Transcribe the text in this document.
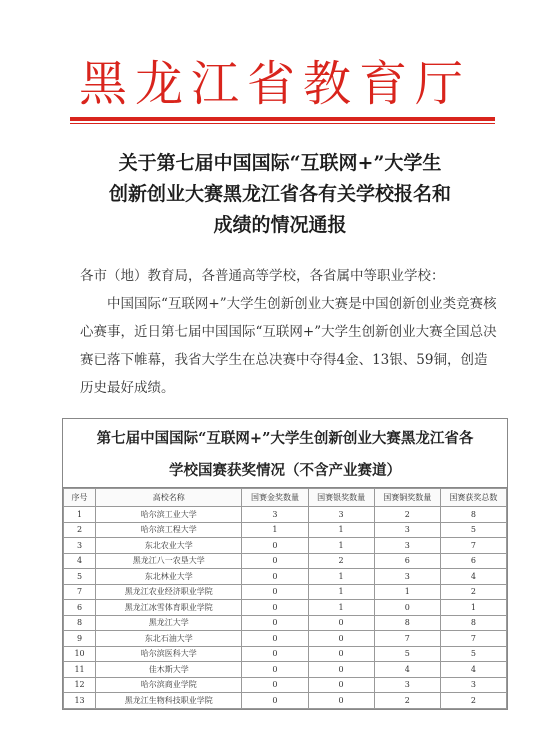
黑龙江省教育厅
关于第七届中国国际“互联网+”大学生
创新创业大赛黑龙江省各有关学校报名和
成绩的情况通报

各市（地）教育局，各普通高等学校，各省属中等职业学校：

中国国际“互联网+”大学生创新创业大赛是中国创新创业类竞赛核心赛事，近日第七届中国国际“互联网+”大学生创新创业大赛全国总决赛已落下帷幕，我省大学生在总决赛中夺得4金、13银、59铜，创造历史最好成绩。

第七届中国国际“互联网+”大学生创新创业大赛黑龙江省各
学校国赛获奖情况（不含产业赛道）
序号	高校名称	国赛金奖数量	国赛银奖数量	国赛铜奖数量	国赛获奖总数
1	哈尔滨工业大学	3	3	2	8
2	哈尔滨工程大学	1	1	3	5
3	东北农业大学	0	1	3	7
4	黑龙江八一农垦大学	0	2	6	6
5	东北林业大学	0	1	3	4
7	黑龙江农业经济职业学院	0	1	1	2
6	黑龙江冰雪体育职业学院	0	1	0	1
8	黑龙江大学	0	0	8	8
9	东北石油大学	0	0	7	7
10	哈尔滨医科大学	0	0	5	5
11	佳木斯大学	0	0	4	4
12	哈尔滨商业学院	0	0	3	3
13	黑龙江生物科技职业学院	0	0	2	2
